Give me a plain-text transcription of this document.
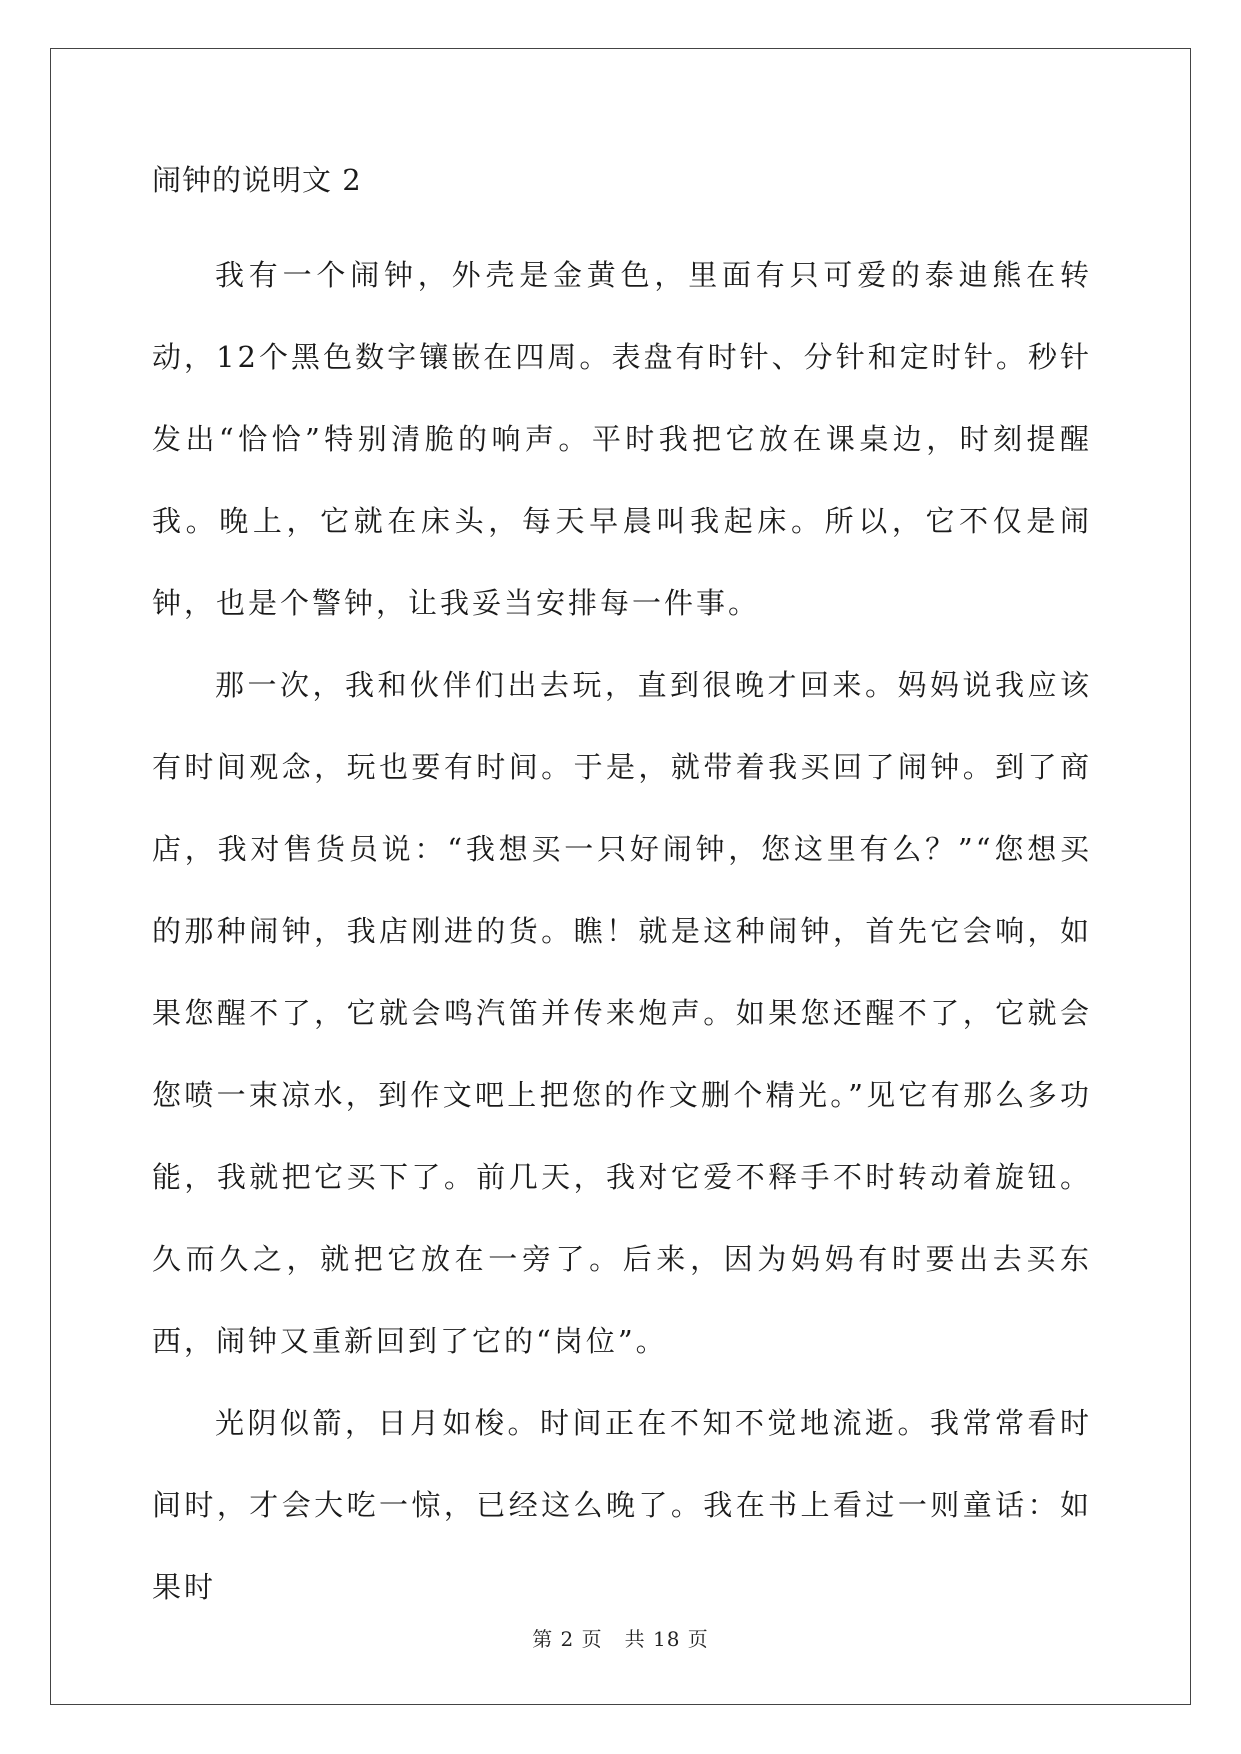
闹钟的说明文 2

我有一个闹钟，外壳是金黄色，里面有只可爱的泰迪熊在转动，12个黑色数字镶嵌在四周。表盘有时针、分针和定时针。秒针发出“恰恰”特别清脆的响声。平时我把它放在课桌边，时刻提醒我。晚上，它就在床头，每天早晨叫我起床。所以，它不仅是闹钟，也是个警钟，让我妥当安排每一件事。

那一次，我和伙伴们出去玩，直到很晚才回来。妈妈说我应该有时间观念，玩也要有时间。于是，就带着我买回了闹钟。到了商店，我对售货员说：“我想买一只好闹钟，您这里有么？”“您想买的那种闹钟，我店刚进的货。瞧！就是这种闹钟，首先它会响，如果您醒不了，它就会鸣汽笛并传来炮声。如果您还醒不了，它就会您喷一束凉水，到作文吧上把您的作文删个精光。”见它有那么多功能，我就把它买下了。前几天，我对它爱不释手不时转动着旋钮。久而久之，就把它放在一旁了。后来，因为妈妈有时要出去买东西，闹钟又重新回到了它的“岗位”。

光阴似箭，日月如梭。时间正在不知不觉地流逝。我常常看时间时，才会大吃一惊，已经这么晚了。我在书上看过一则童话：如果时

第 2 页 共 18 页
